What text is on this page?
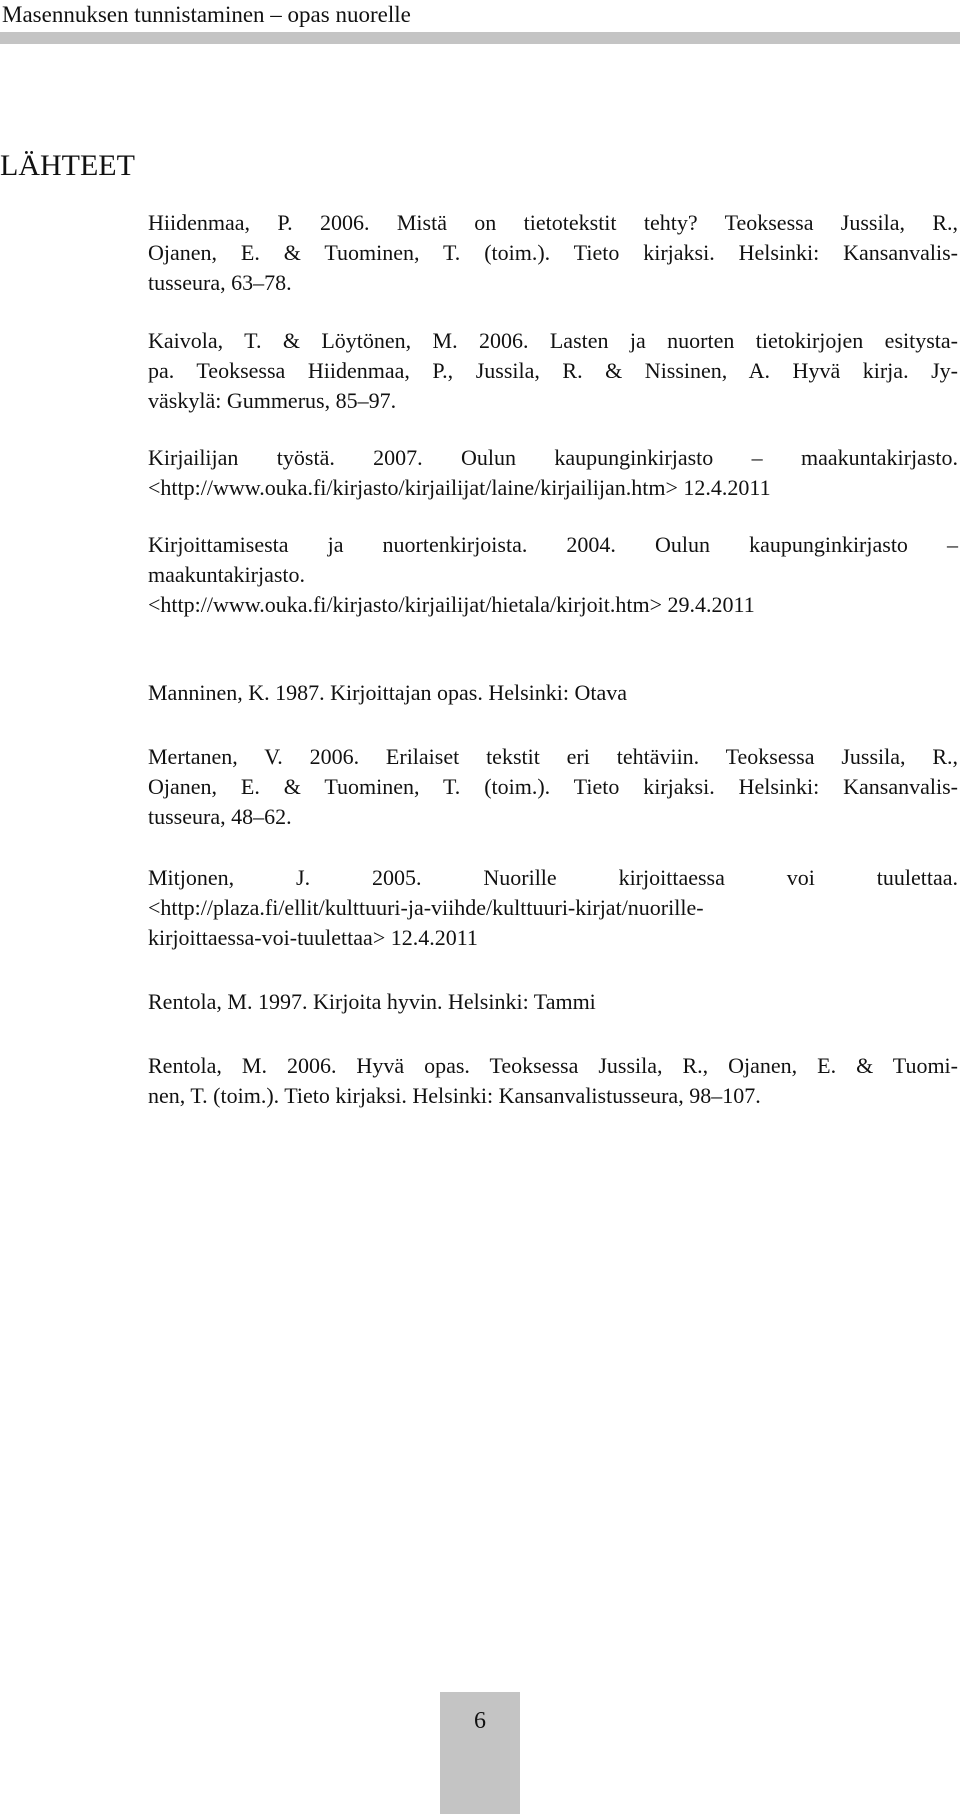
Masennuksen tunnistaminen – opas nuorelle
LÄHTEET
Hiidenmaa, P. 2006. Mistä on tietotekstit tehty? Teoksessa Jussila, R.,
Ojanen, E. & Tuominen, T. (toim.). Tieto kirjaksi. Helsinki: Kansanvalis-
tusseura, 63–78.
Kaivola, T. & Löytönen, M. 2006. Lasten ja nuorten tietokirjojen esitysta-
pa. Teoksessa Hiidenmaa, P., Jussila, R. & Nissinen, A. Hyvä kirja. Jy-
väskylä: Gummerus, 85–97.
Kirjailijan työstä. 2007. Oulun kaupunginkirjasto – maakuntakirjasto.
<http://www.ouka.fi/kirjasto/kirjailijat/laine/kirjailijan.htm> 12.4.2011
Kirjoittamisesta ja nuortenkirjoista. 2004. Oulun kaupunginkirjasto –
maakuntakirjasto.
<http://www.ouka.fi/kirjasto/kirjailijat/hietala/kirjoit.htm> 29.4.2011
Manninen, K. 1987. Kirjoittajan opas. Helsinki: Otava
Mertanen, V. 2006. Erilaiset tekstit eri tehtäviin. Teoksessa Jussila, R.,
Ojanen, E. & Tuominen, T. (toim.). Tieto kirjaksi. Helsinki: Kansanvalis-
tusseura, 48–62.
Mitjonen, J. 2005. Nuorille kirjoittaessa voi tuulettaa.
<http://plaza.fi/ellit/kulttuuri-ja-viihde/kulttuuri-kirjat/nuorille-
kirjoittaessa-voi-tuulettaa> 12.4.2011
Rentola, M. 1997. Kirjoita hyvin. Helsinki: Tammi
Rentola, M. 2006. Hyvä opas. Teoksessa Jussila, R., Ojanen, E. & Tuomi-
nen, T. (toim.). Tieto kirjaksi. Helsinki: Kansanvalistusseura, 98–107.
6
